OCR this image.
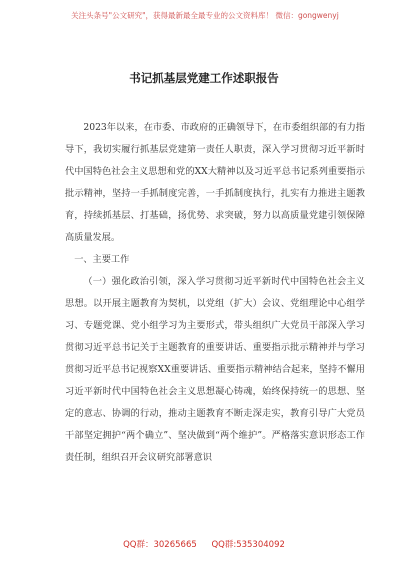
关注头条号"公文研究"，获得最新最全最专业的公文资料库！ 微信：gongwenyj
书记抓基层党建工作述职报告

2023年以来，在市委、市政府的正确领导下，在市委组织部的有力指导下，我切实履行抓基层党建第一责任人职责，深入学习贯彻习近平新时代中国特色社会主义思想和党的XX大精神以及习近平总书记系列重要指示批示精神，坚持一手抓制度完善，一手抓制度执行，扎实有力推进主题教育，持续抓基层、打基础，扬优势、求突破，努力以高质量党建引领保障高质量发展。

一、主要工作

（一）强化政治引领，深入学习贯彻习近平新时代中国特色社会主义思想。以开展主题教育为契机，以党组（扩大）会议、党组理论中心组学习、专题党课、党小组学习为主要形式，带头组织广大党员干部深入学习贯彻习近平总书记关于主题教育的重要讲话、重要指示批示精神并与学习贯彻习近平总书记视察XX重要讲话、重要指示精神结合起来，坚持不懈用习近平新时代中国特色社会主义思想凝心铸魂，始终保持统一的思想、坚定的意志、协调的行动，推动主题教育不断走深走实，教育引导广大党员干部坚定拥护“两个确立”、坚决做到“两个维护”。严格落实意识形态工作责任制，组织召开会议研究部署意识

QQ群：30265665 QQ群:535304092
